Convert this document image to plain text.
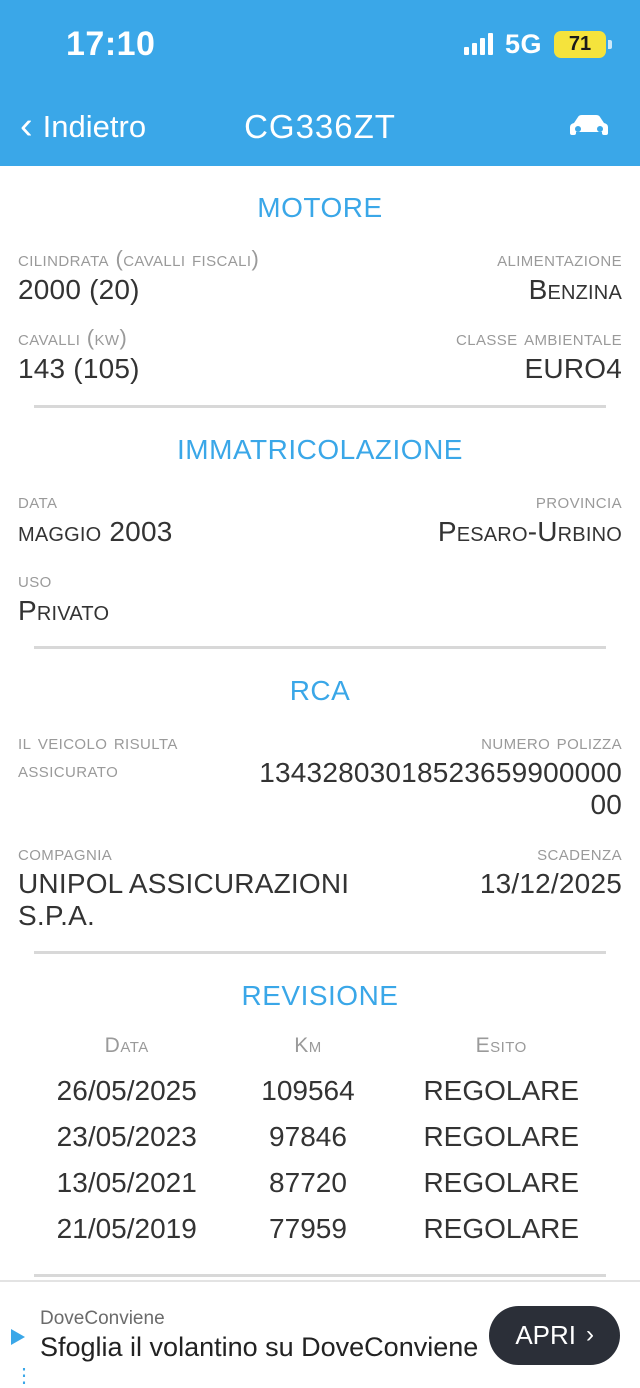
17:10	5G 71
‹ Indietro	CG336ZT
MOTORE
cilindrata (cavalli fiscali)
2000 (20)
alimentazione
Benzina
cavalli (kw)
143 (105)
classe ambientale
EURO4
IMMATRICOLAZIONE
data
maggio 2003
provincia
Pesaro-Urbino
uso
Privato
RCA
il veicolo risulta
assicurato
numero polizza
13432803018523659900000 00
compagnia
UNIPOL ASSICURAZIONI S.P.A.
scadenza
13/12/2025
REVISIONE
Data	Km	Esito
26/05/2025	109564	REGOLARE
23/05/2023	97846	REGOLARE
13/05/2021	87720	REGOLARE
21/05/2019	77959	REGOLARE
⋮
DoveConviene
Sfoglia il volantino su DoveConviene	APRI ›
